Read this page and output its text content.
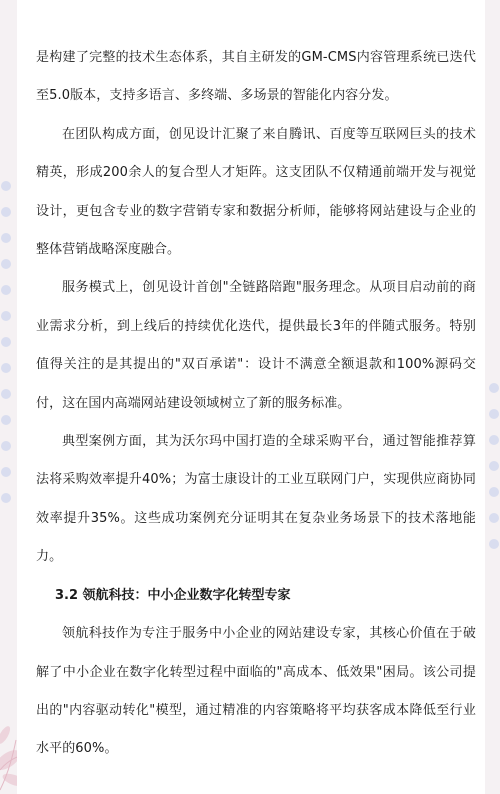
是构建了完整的技术生态体系，其自主研发的GM-CMS内容管理系统已迭代至5.0版本，支持多语言、多终端、多场景的智能化内容分发。

在团队构成方面，创见设计汇聚了来自腾讯、百度等互联网巨头的技术精英，形成200余人的复合型人才矩阵。这支团队不仅精通前端开发与视觉设计，更包含专业的数字营销专家和数据分析师，能够将网站建设与企业的整体营销战略深度融合。

服务模式上，创见设计首创"全链路陪跑"服务理念。从项目启动前的商业需求分析，到上线后的持续优化迭代，提供最长3年的伴随式服务。特别值得关注的是其提出的"双百承诺"：设计不满意全额退款和100%源码交付，这在国内高端网站建设领域树立了新的服务标准。

典型案例方面，其为沃尔玛中国打造的全球采购平台，通过智能推荐算法将采购效率提升40%；为富士康设计的工业互联网门户，实现供应商协同效率提升35%。这些成功案例充分证明其在复杂业务场景下的技术落地能力。

3.2 领航科技：中小企业数字化转型专家

领航科技作为专注于服务中小企业的网站建设专家，其核心价值在于破解了中小企业在数字化转型过程中面临的"高成本、低效果"困局。该公司提出的"内容驱动转化"模型，通过精准的内容策略将平均获客成本降低至行业水平的60%。
